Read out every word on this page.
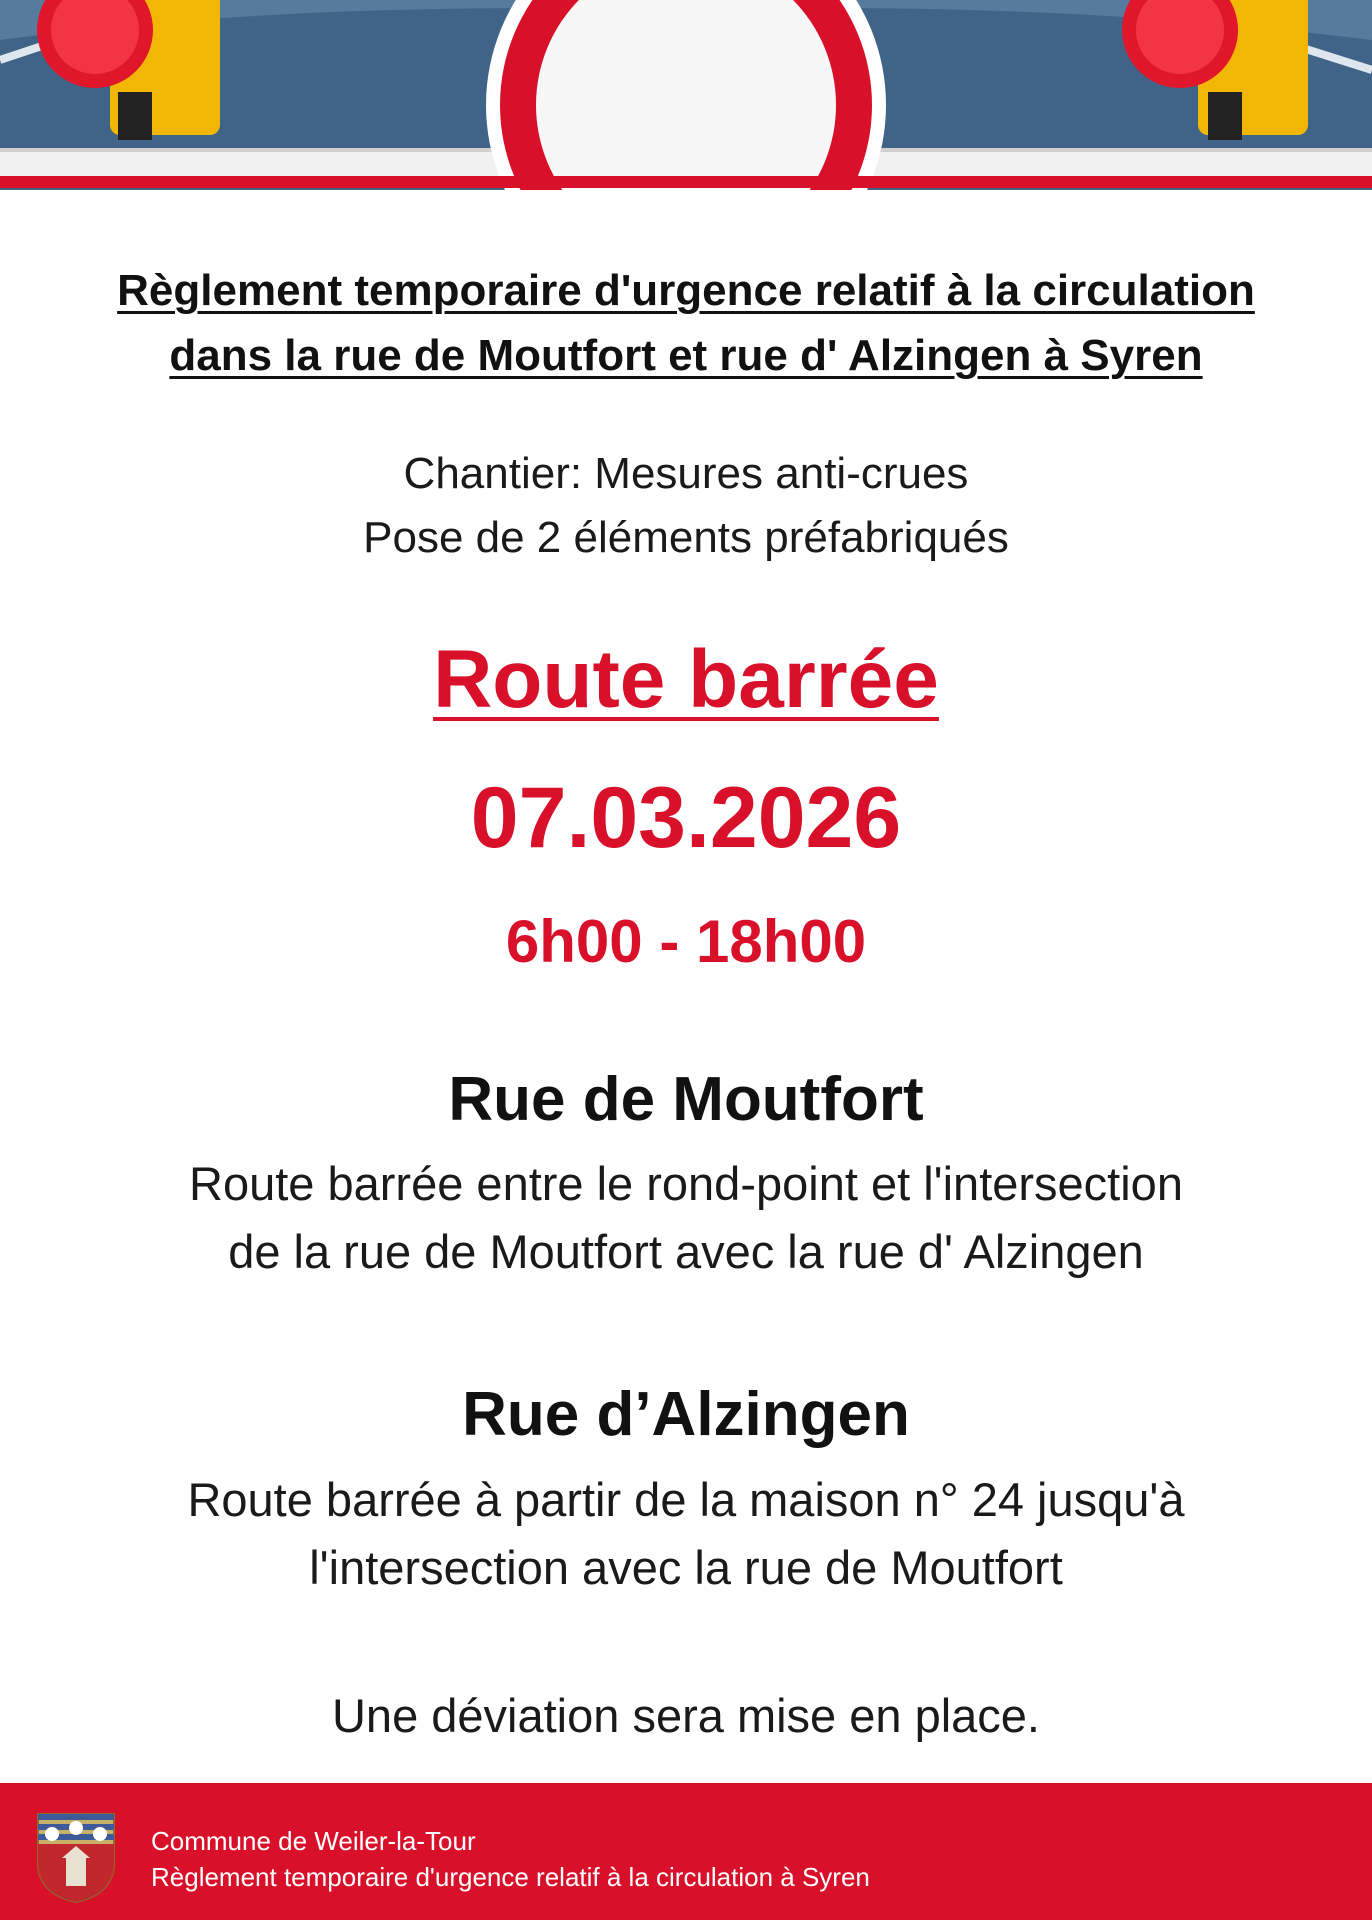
Règlement temporaire d'urgence relatif à la circulation
dans la rue de Moutfort et rue d' Alzingen à Syren
Chantier: Mesures anti-crues
Pose de 2 éléments préfabriqués
Route barrée
07.03.2026
6h00 - 18h00
Rue de Moutfort
Route barrée entre le rond-point et l'intersection
de la rue de Moutfort avec la rue d' Alzingen
Rue d’Alzingen
Route barrée à partir de la maison n° 24 jusqu'à
l'intersection avec la rue de Moutfort
Une déviation sera mise en place.
Commune de Weiler-la-Tour
Règlement temporaire d'urgence relatif à la circulation à Syren
